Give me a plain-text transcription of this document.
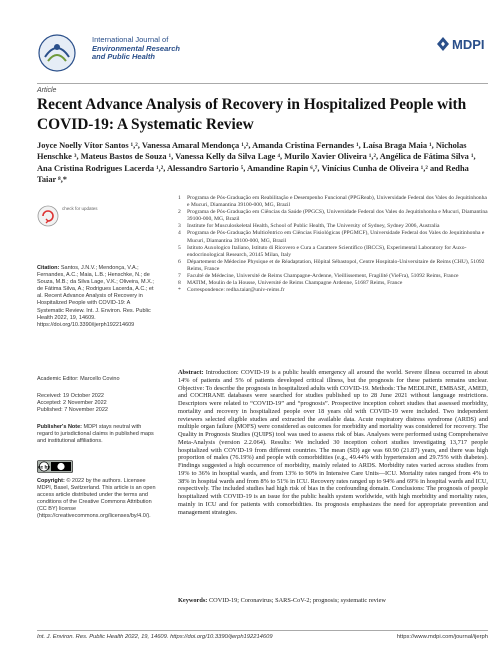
International Journal of
Environmental Research
and Public Health
MDPI
Article
Recent Advance Analysis of Recovery in Hospitalized People with COVID-19: A Systematic Review
Joyce Noelly Vítor Santos ¹,², Vanessa Amaral Mendonça ¹,², Amanda Cristina Fernandes ¹, Laísa Braga Maia ¹, Nicholas Henschke ³, Mateus Bastos de Souza ¹, Vanessa Kelly da Silva Lage ⁴, Murilo Xavier Oliveira ¹,², Angélica de Fátima Silva ¹, Ana Cristina Rodrigues Lacerda ¹,², Alessandro Sartorio ⁵, Amandine Rapin ⁶,⁷, Vinícius Cunha de Oliveira ¹,² and Redha Taiar ⁸,*
1	Programa de Pós-Graduação em Reabilitação e Desempenho Funcional (PPGReab), Universidade Federal dos Vales do Jequitinhonha e Mucuri, Diamantina 39100-000, MG, Brazil
2	Programa de Pós-Graduação em Ciências da Saúde (PPGCS), Universidade Federal dos Vales do Jequitinhonha e Mucuri, Diamantina 39100-000, MG, Brazil
3	Institute for Musculoskeletal Health, School of Public Health, The University of Sydney, Sydney 2006, Australia
4	Programa de Pós-Graduação Multicêntrico em Ciências Fisiológicas (PPGMCF), Universidade Federal dos Vales do Jequitinhonha e Mucuri, Diamantina 39100-000, MG, Brazil
5	Istituto Auxologico Italiano, Istituto di Ricovero e Cura a Carattere Scientifico (IRCCS), Experimental Laboratory for Auxo-endocrinological Research, 20145 Milan, Italy
6	Département de Médecine Physique et de Réadaptation, Hôpital Sébastopol, Centre Hospitalo-Universitaire de Reims (CHU), 51092 Reims, France
7	Faculté de Médecine, Université de Reims Champagne-Ardenne, Vieillissement, Fragilité (VieFra), 51092 Reims, France
8	MATIM, Moulin de la Housse, Université de Reims Champagne Ardenne, 51687 Reims, France
*	Correspondence: redha.taiar@univ-reims.fr
check for updates
Citation: Santos, J.N.V.; Mendonça, V.A.; Fernandes, A.C.; Maia, L.B.; Henschke, N.; de Souza, M.B.; da Silva Lage, V.K.; Oliveira, M.X.; de Fátima Silva, A.; Rodrigues Lacerda, A.C.; et al. Recent Advance Analysis of Recovery in Hospitalized People with COVID-19: A Systematic Review. Int. J. Environ. Res. Public Health 2022, 19, 14609. https://doi.org/10.3390/ijerph192214609
Academic Editor: Marcello Covino
Received: 19 October 2022
Accepted: 2 November 2022
Published: 7 November 2022
Publisher's Note: MDPI stays neutral with regard to jurisdictional claims in published maps and institutional affiliations.
cc by
Copyright: © 2022 by the authors. Licensee MDPI, Basel, Switzerland. This article is an open access article distributed under the terms and conditions of the Creative Commons Attribution (CC BY) license (https://creativecommons.org/licenses/by/4.0/).
Abstract: Introduction: COVID-19 is a public health emergency all around the world. Severe illness occurred in about 14% of patients and 5% of patients developed critical illness, but the prognosis for these patients remains unclear. Objective: To describe the prognosis in hospitalized adults with COVID-19. Methods: The MEDLINE, EMBASE, AMED, and COCHRANE databases were searched for studies published up to 28 June 2021 without language restrictions. Descriptors were related to “COVID-19” and “prognosis”. Prospective inception cohort studies that assessed morbidity, mortality and recovery in hospitalized people over 18 years old with COVID-19 were included. Two independent reviewers selected eligible studies and extracted the available data. Acute respiratory distress syndrome (ARDS) and multiple organ failure (MOFS) were considered as outcomes for morbidity and mortality was considered for recovery. The Quality in Prognosis Studies (QUIPS) tool was used to assess risk of bias. Analyses were performed using Comprehensive Meta-Analysis (version 2.2.064). Results: We included 30 inception cohort studies investigating 13,717 people hospitalized with COVID-19 from different countries. The mean (SD) age was 60.90 (21.87) years, and there was high proportion of males (76.19%) and people with comorbidities (e.g., 49.44% with hypertension and 29.75% with diabetes). Findings suggested a high occurrence of morbidity, mainly related to ARDS. Morbidity rates varied across studies from 19% to 36% in hospital wards, and from 13% to 90% in Intensive Care Units—ICU. Mortality rates ranged from 4% to 38% in hospital wards and from 8% to 51% in ICU. Recovery rates ranged up to 94% and 69% in hospital wards and ICU, respectively. The included studies had high risk of bias in the confounding domain. Conclusions: The prognosis of people hospitalized with COVID-19 is an issue for the public health system worldwide, with high morbidity and mortality rates, mainly in ICU and for patients with comorbidities. Its prognosis emphasizes the need for appropriate prevention and management strategies.
Keywords: COVID-19; Coronavirus; SARS-CoV-2; prognosis; systematic review
Int. J. Environ. Res. Public Health 2022, 19, 14609. https://doi.org/10.3390/ijerph192214609	https://www.mdpi.com/journal/ijerph
